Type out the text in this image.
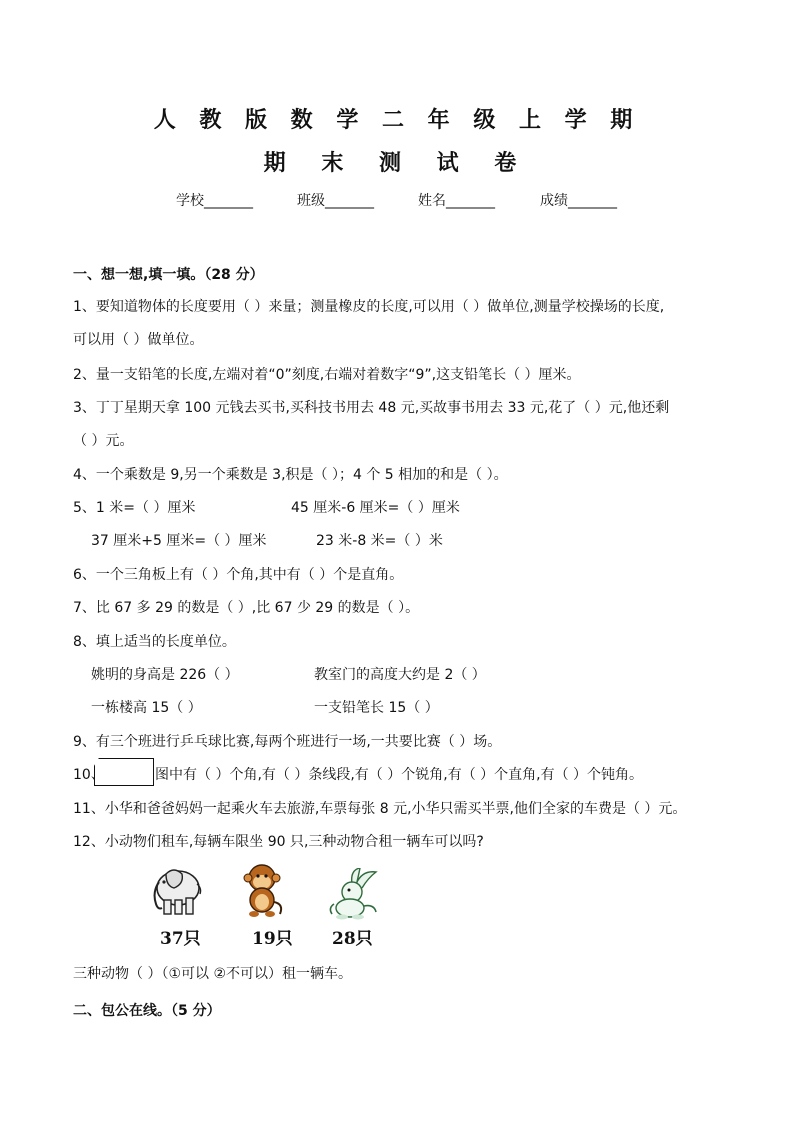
人 教 版 数 学 二 年 级 上 学 期
期 末 测 试 卷
学校_______	班级_______	姓名_______	成绩_______
一、想一想,填一填。（28 分）
1、要知道物体的长度要用（ ）来量；测量橡皮的长度,可以用（ ）做单位,测量学校操场的长度,
可以用（ ）做单位。
2、量一支铅笔的长度,左端对着“0”刻度,右端对着数字“9”,这支铅笔长（ ）厘米。
3、丁丁星期天拿 100 元钱去买书,买科技书用去 48 元,买故事书用去 33 元,花了（ ）元,他还剩
（ ）元。
4、一个乘数是 9,另一个乘数是 3,积是（ ）；4 个 5 相加的和是（ ）。
5、1 米=（ ）厘米	45 厘米-6 厘米=（ ）厘米
37 厘米+5 厘米=（ ）厘米	23 米-8 米=（ ）米
6、一个三角板上有（ ）个角,其中有（ ）个是直角。
7、比 67 多 29 的数是（ ）,比 67 少 29 的数是（ ）。
8、填上适当的长度单位。
姚明的身高是 226（ ）	教室门的高度大约是 2（ ）
一栋楼高 15（ ）	一支铅笔长 15（ ）
9、有三个班进行乒乓球比赛,每两个班进行一场,一共要比赛（ ）场。
10、	图中有（ ）个角,有（ ）条线段,有（ ）个锐角,有（ ）个直角,有（ ）个钝角。
11、小华和爸爸妈妈一起乘火车去旅游,车票每张 8 元,小华只需买半票,他们全家的车费是（ ）元。
12、小动物们租车,每辆车限坐 90 只,三种动物合租一辆车可以吗?
37只	19只 28只
三种动物（ ）（①可以 ②不可以）租一辆车。
二、包公在线。（5 分）
